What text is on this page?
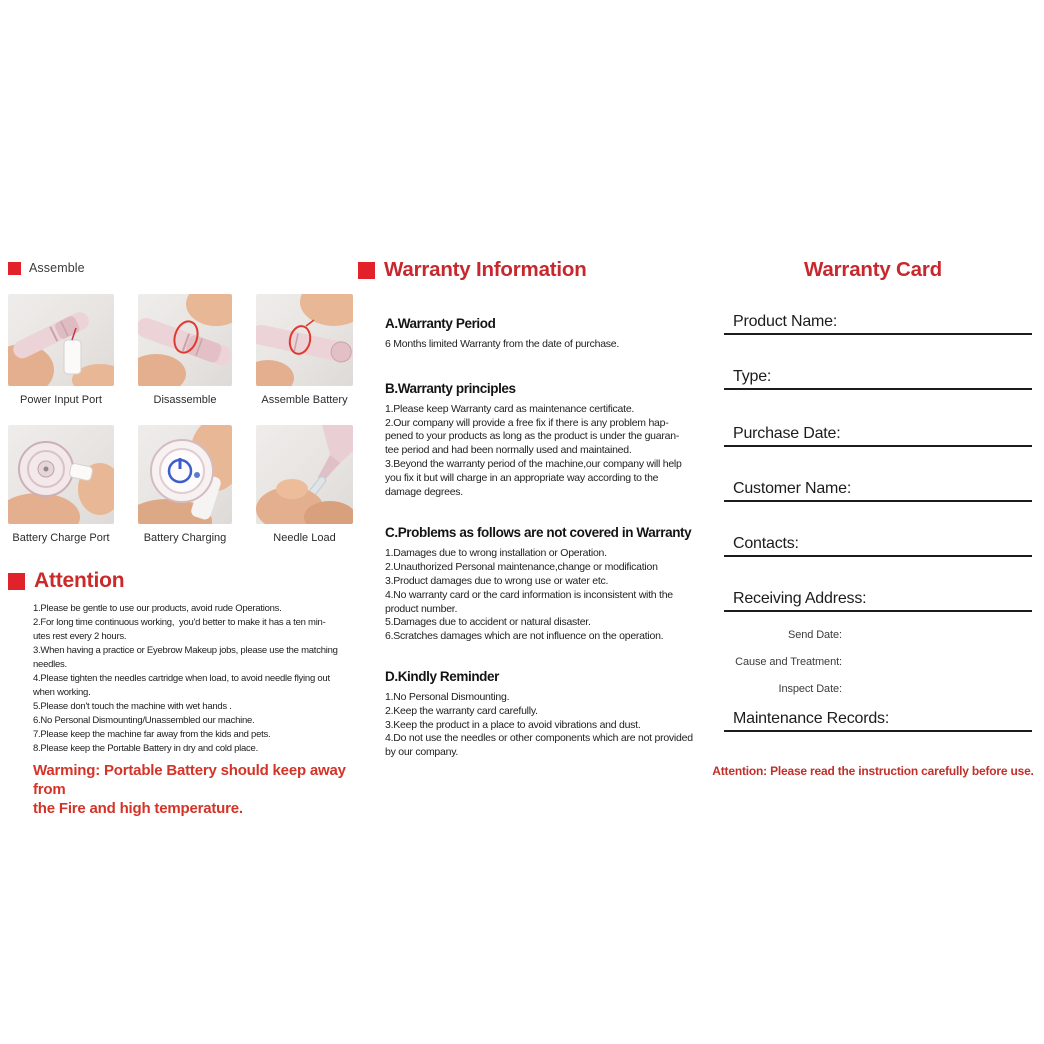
Assemble
Power Input Port	Disassemble	Assemble Battery
Battery Charge Port	Battery Charging	Needle Load
Attention
1.Please be gentle to use our products, avoid rude Operations.
2.For long time continuous working,  you'd better to make it has a ten min-
utes rest every 2 hours.
3.When having a practice or Eyebrow Makeup jobs, please use the matching
needles.
4.Please tighten the needles cartridge when load, to avoid needle flying out
when working.
5.Please don't touch the machine with wet hands .
6.No Personal Dismounting/Unassembled our machine.
7.Please keep the machine far away from the kids and pets.
8.Please keep the Portable Battery in dry and cold place.
Warming: Portable Battery should keep away from
the Fire and high temperature.
Warranty Information
A.Warranty Period
6 Months limited Warranty from the date of purchase.
B.Warranty principles
1.Please keep Warranty card as maintenance certificate.
2.Our company will provide a free fix if there is any problem hap-
pened to your products as long as the product is under the guaran-
tee period and had been normally used and maintained.
3.Beyond the warranty period of the machine,our company will help
you fix it but will charge in an appropriate way according to the
damage degrees.
C.Problems as follows are not covered in Warranty
1.Damages due to wrong installation or Operation.
2.Unauthorized Personal maintenance,change or modification
3.Product damages due to wrong use or water etc.
4.No warranty card or the card information is inconsistent with the
product number.
5.Damages due to accident or natural disaster.
6.Scratches damages which are not influence on the operation.
D.Kindly Reminder
1.No Personal Dismounting.
2.Keep the warranty card carefully.
3.Keep the product in a place to avoid vibrations and dust.
4.Do not use the needles or other components which are not provided
by our company.
Warranty Card
Product Name:
Type:
Purchase Date:
Customer Name:
Contacts:
Receiving Address:
Send Date:
Cause and Treatment:
Inspect Date:
Maintenance Records:
Attention: Please read the instruction carefully before use.
